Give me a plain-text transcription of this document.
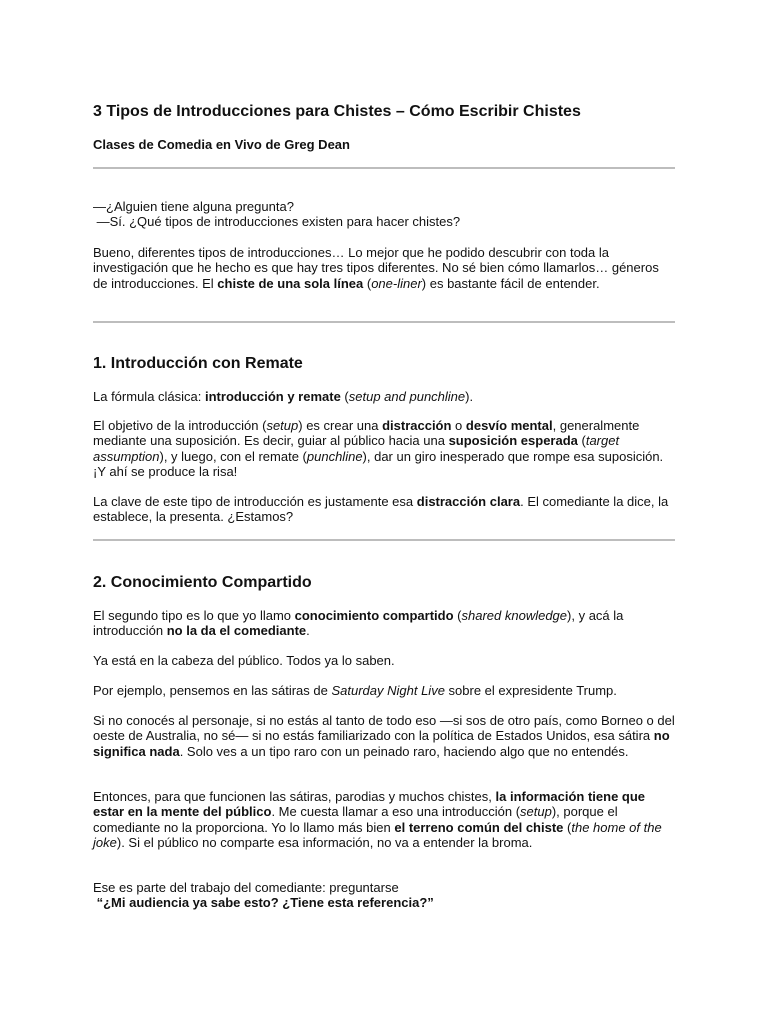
3 Tipos de Introducciones para Chistes – Cómo Escribir Chistes
Clases de Comedia en Vivo de Greg Dean

—¿Alguien tiene alguna pregunta?

—Sí. ¿Qué tipos de introducciones existen para hacer chistes?

Bueno, diferentes tipos de introducciones… Lo mejor que he podido descubrir con toda la investigación que he hecho es que hay tres tipos diferentes. No sé bien cómo llamarlos… géneros de introducciones. El chiste de una sola línea (one-liner) es bastante fácil de entender.

1. Introducción con Remate

La fórmula clásica: introducción y remate (setup and punchline).

El objetivo de la introducción (setup) es crear una distracción o desvío mental, generalmente mediante una suposición. Es decir, guiar al público hacia una suposición esperada (target assumption), y luego, con el remate (punchline), dar un giro inesperado que rompe esa suposición. ¡Y ahí se produce la risa!

La clave de este tipo de introducción es justamente esa distracción clara. El comediante la dice, la establece, la presenta. ¿Estamos?

2. Conocimiento Compartido

El segundo tipo es lo que yo llamo conocimiento compartido (shared knowledge), y acá la introducción no la da el comediante.

Ya está en la cabeza del público. Todos ya lo saben.

Por ejemplo, pensemos en las sátiras de Saturday Night Live sobre el expresidente Trump.

Si no conocés al personaje, si no estás al tanto de todo eso —si sos de otro país, como Borneo o del oeste de Australia, no sé— si no estás familiarizado con la política de Estados Unidos, esa sátira no significa nada. Solo ves a un tipo raro con un peinado raro, haciendo algo que no entendés.

Entonces, para que funcionen las sátiras, parodias y muchos chistes, la información tiene que estar en la mente del público. Me cuesta llamar a eso una introducción (setup), porque el comediante no la proporciona. Yo lo llamo más bien el terreno común del chiste (the home of the joke). Si el público no comparte esa información, no va a entender la broma.

Ese es parte del trabajo del comediante: preguntarse

“¿Mi audiencia ya sabe esto? ¿Tiene esta referencia?”
